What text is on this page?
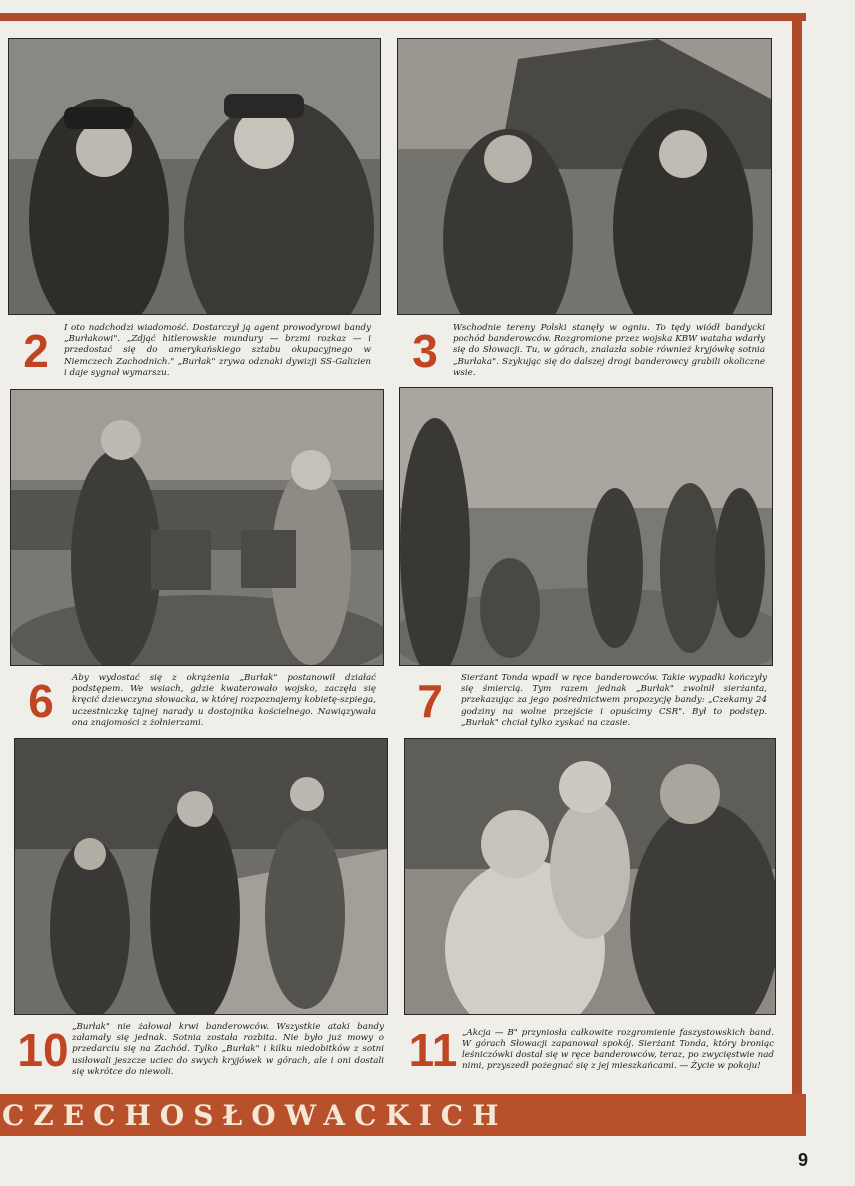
2	I oto nadchodzi wiadomość. Dostarczył ją agent prowodyrowi bandy „Burłakowi". „Zdjąć hitlerowskie mundury — brzmi rozkaz — i przedostać się do amerykańskiego sztabu okupacyjnego w Niemczech Zachodnich." „Burłak" zrywa odznaki dywizji SS-Galizien i daje sygnał wymarszu.	3	Wschodnie tereny Polski stanęły w ogniu. To tędy wiódł bandycki pochód banderowców. Rozgromione przez wojska KBW wataha wdarły się do Słowacji. Tu, w górach, znalazła sobie również kryjówkę sotnia „Burłaka". Szykując się do dalszej drogi banderowcy grabili okoliczne wsie.

6	Aby wydostać się z okrążenia „Burłak" postanowił działać podstępem. We wsiach, gdzie kwaterowało wojsko, zaczęła się kręcić dziewczyna słowacka, w której rozpoznajemy kobietę-szpiega, uczestniczkę tajnej narady u dostojnika kościelnego. Nawiązywała ona znajomości z żołnierzami.	7	Sierżant Tonda wpadł w ręce banderowców. Takie wypadki kończyły się śmiercią. Tym razem jednak „Burłak" zwolnił sierżanta, przekazując za jego pośrednictwem propozycję bandy: „Czekamy 24 godziny na wolne przejście i opuścimy CSR". Był to podstęp. „Burłak" chciał tylko zyskać na czasie.

10 „Burłak" nie żałował krwi banderowców. Wszystkie ataki bandy załamały się jednak. Sotnia została rozbita. Nie było już mowy o przedarciu się na Zachód. Tylko „Burłak" i kilku niedobitków z sotni usiłowali jeszcze uciec do swych kryjówek w górach, ale i oni dostali się wkrótce do niewoli.	11 „Akcja — B" przyniosła całkowite rozgromienie faszystowskich band. W górach Słowacji zapanował spokój. Sierżant Tonda, który broniąc leśniczówki dostał się w ręce banderowców, teraz, po zwycięstwie nad nimi, przyszedł pożegnać się z jej mieszkańcami. — Życie w pokoju!

CZECHOSŁOWACKICH
9
